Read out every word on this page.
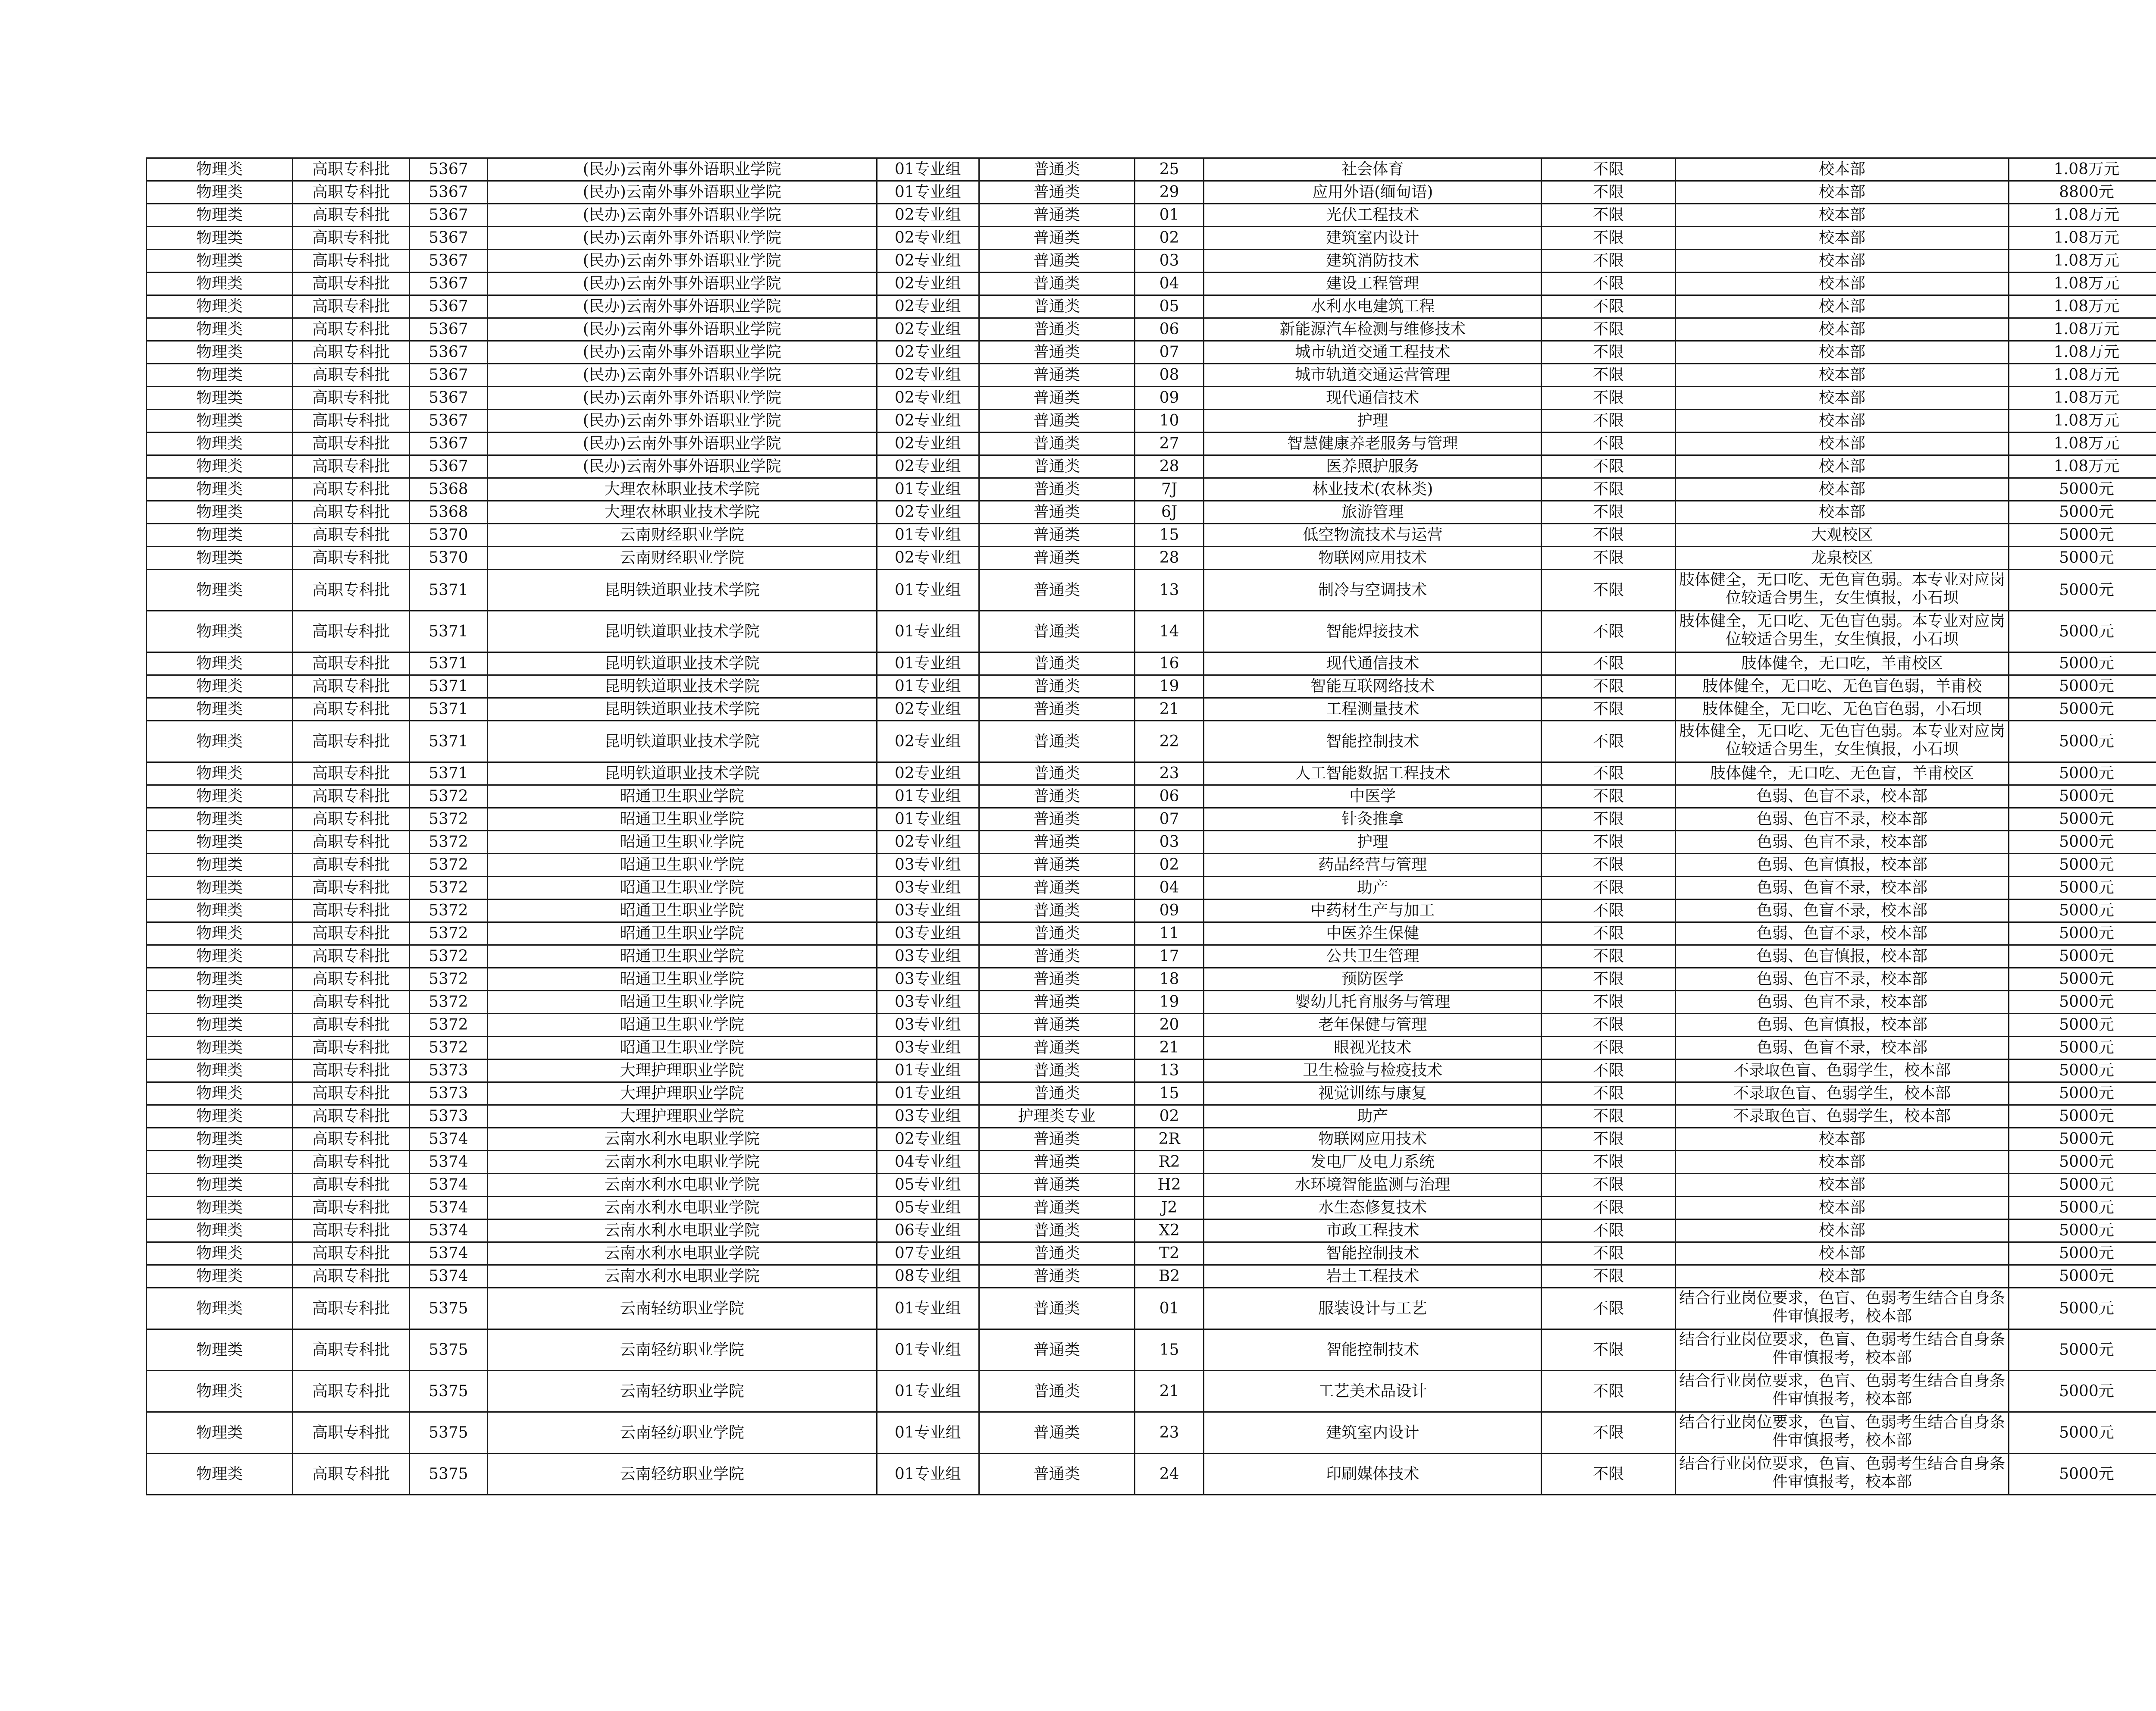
物理类	高职专科批	5367	(民办)云南外事外语职业学院	01专业组	普通类	25	社会体育	不限	校本部	1.08万元	
物理类	高职专科批	5367	(民办)云南外事外语职业学院	01专业组	普通类	29	应用外语(缅甸语)	不限	校本部	8800元	
物理类	高职专科批	5367	(民办)云南外事外语职业学院	02专业组	普通类	01	光伏工程技术	不限	校本部	1.08万元	
物理类	高职专科批	5367	(民办)云南外事外语职业学院	02专业组	普通类	02	建筑室内设计	不限	校本部	1.08万元	
物理类	高职专科批	5367	(民办)云南外事外语职业学院	02专业组	普通类	03	建筑消防技术	不限	校本部	1.08万元	
物理类	高职专科批	5367	(民办)云南外事外语职业学院	02专业组	普通类	04	建设工程管理	不限	校本部	1.08万元	
物理类	高职专科批	5367	(民办)云南外事外语职业学院	02专业组	普通类	05	水利水电建筑工程	不限	校本部	1.08万元	
物理类	高职专科批	5367	(民办)云南外事外语职业学院	02专业组	普通类	06	新能源汽车检测与维修技术	不限	校本部	1.08万元	
物理类	高职专科批	5367	(民办)云南外事外语职业学院	02专业组	普通类	07	城市轨道交通工程技术	不限	校本部	1.08万元	
物理类	高职专科批	5367	(民办)云南外事外语职业学院	02专业组	普通类	08	城市轨道交通运营管理	不限	校本部	1.08万元	
物理类	高职专科批	5367	(民办)云南外事外语职业学院	02专业组	普通类	09	现代通信技术	不限	校本部	1.08万元	
物理类	高职专科批	5367	(民办)云南外事外语职业学院	02专业组	普通类	10	护理	不限	校本部	1.08万元	
物理类	高职专科批	5367	(民办)云南外事外语职业学院	02专业组	普通类	27	智慧健康养老服务与管理	不限	校本部	1.08万元	
物理类	高职专科批	5367	(民办)云南外事外语职业学院	02专业组	普通类	28	医养照护服务	不限	校本部	1.08万元	
物理类	高职专科批	5368	大理农林职业技术学院	01专业组	普通类	7J	林业技术(农林类)	不限	校本部	5000元	
物理类	高职专科批	5368	大理农林职业技术学院	02专业组	普通类	6J	旅游管理	不限	校本部	5000元	
物理类	高职专科批	5370	云南财经职业学院	01专业组	普通类	15	低空物流技术与运营	不限	大观校区	5000元	
物理类	高职专科批	5370	云南财经职业学院	02专业组	普通类	28	物联网应用技术	不限	龙泉校区	5000元	
物理类	高职专科批	5371	昆明铁道职业技术学院	01专业组	普通类	13	制冷与空调技术	不限	肢体健全，无口吃、无色盲色弱。本专业对应岗位较适合男生，女生慎报，小石坝	5000元	
物理类	高职专科批	5371	昆明铁道职业技术学院	01专业组	普通类	14	智能焊接技术	不限	肢体健全，无口吃、无色盲色弱。本专业对应岗位较适合男生，女生慎报，小石坝	5000元	
物理类	高职专科批	5371	昆明铁道职业技术学院	01专业组	普通类	16	现代通信技术	不限	肢体健全，无口吃，羊甫校区	5000元	
物理类	高职专科批	5371	昆明铁道职业技术学院	01专业组	普通类	19	智能互联网络技术	不限	肢体健全，无口吃、无色盲色弱，羊甫校	5000元	
物理类	高职专科批	5371	昆明铁道职业技术学院	02专业组	普通类	21	工程测量技术	不限	肢体健全，无口吃、无色盲色弱，小石坝	5000元	
物理类	高职专科批	5371	昆明铁道职业技术学院	02专业组	普通类	22	智能控制技术	不限	肢体健全，无口吃、无色盲色弱。本专业对应岗位较适合男生，女生慎报，小石坝	5000元	
物理类	高职专科批	5371	昆明铁道职业技术学院	02专业组	普通类	23	人工智能数据工程技术	不限	肢体健全，无口吃、无色盲，羊甫校区	5000元	
物理类	高职专科批	5372	昭通卫生职业学院	01专业组	普通类	06	中医学	不限	色弱、色盲不录，校本部	5000元	
物理类	高职专科批	5372	昭通卫生职业学院	01专业组	普通类	07	针灸推拿	不限	色弱、色盲不录，校本部	5000元	
物理类	高职专科批	5372	昭通卫生职业学院	02专业组	普通类	03	护理	不限	色弱、色盲不录，校本部	5000元	
物理类	高职专科批	5372	昭通卫生职业学院	03专业组	普通类	02	药品经营与管理	不限	色弱、色盲慎报，校本部	5000元	
物理类	高职专科批	5372	昭通卫生职业学院	03专业组	普通类	04	助产	不限	色弱、色盲不录，校本部	5000元	
物理类	高职专科批	5372	昭通卫生职业学院	03专业组	普通类	09	中药材生产与加工	不限	色弱、色盲不录，校本部	5000元	
物理类	高职专科批	5372	昭通卫生职业学院	03专业组	普通类	11	中医养生保健	不限	色弱、色盲不录，校本部	5000元	
物理类	高职专科批	5372	昭通卫生职业学院	03专业组	普通类	17	公共卫生管理	不限	色弱、色盲慎报，校本部	5000元	
物理类	高职专科批	5372	昭通卫生职业学院	03专业组	普通类	18	预防医学	不限	色弱、色盲不录，校本部	5000元	
物理类	高职专科批	5372	昭通卫生职业学院	03专业组	普通类	19	婴幼儿托育服务与管理	不限	色弱、色盲不录，校本部	5000元	
物理类	高职专科批	5372	昭通卫生职业学院	03专业组	普通类	20	老年保健与管理	不限	色弱、色盲慎报，校本部	5000元	
物理类	高职专科批	5372	昭通卫生职业学院	03专业组	普通类	21	眼视光技术	不限	色弱、色盲不录，校本部	5000元	
物理类	高职专科批	5373	大理护理职业学院	01专业组	普通类	13	卫生检验与检疫技术	不限	不录取色盲、色弱学生，校本部	5000元	
物理类	高职专科批	5373	大理护理职业学院	01专业组	普通类	15	视觉训练与康复	不限	不录取色盲、色弱学生，校本部	5000元	
物理类	高职专科批	5373	大理护理职业学院	03专业组	护理类专业	02	助产	不限	不录取色盲、色弱学生，校本部	5000元	
物理类	高职专科批	5374	云南水利水电职业学院	02专业组	普通类	2R	物联网应用技术	不限	校本部	5000元	
物理类	高职专科批	5374	云南水利水电职业学院	04专业组	普通类	R2	发电厂及电力系统	不限	校本部	5000元	
物理类	高职专科批	5374	云南水利水电职业学院	05专业组	普通类	H2	水环境智能监测与治理	不限	校本部	5000元	
物理类	高职专科批	5374	云南水利水电职业学院	05专业组	普通类	J2	水生态修复技术	不限	校本部	5000元	
物理类	高职专科批	5374	云南水利水电职业学院	06专业组	普通类	X2	市政工程技术	不限	校本部	5000元	
物理类	高职专科批	5374	云南水利水电职业学院	07专业组	普通类	T2	智能控制技术	不限	校本部	5000元	
物理类	高职专科批	5374	云南水利水电职业学院	08专业组	普通类	B2	岩土工程技术	不限	校本部	5000元	
物理类	高职专科批	5375	云南轻纺职业学院	01专业组	普通类	01	服装设计与工艺	不限	结合行业岗位要求，色盲、色弱考生结合自身条件审慎报考，校本部	5000元	
物理类	高职专科批	5375	云南轻纺职业学院	01专业组	普通类	15	智能控制技术	不限	结合行业岗位要求，色盲、色弱考生结合自身条件审慎报考，校本部	5000元	
物理类	高职专科批	5375	云南轻纺职业学院	01专业组	普通类	21	工艺美术品设计	不限	结合行业岗位要求，色盲、色弱考生结合自身条件审慎报考，校本部	5000元	
物理类	高职专科批	5375	云南轻纺职业学院	01专业组	普通类	23	建筑室内设计	不限	结合行业岗位要求，色盲、色弱考生结合自身条件审慎报考，校本部	5000元	
物理类	高职专科批	5375	云南轻纺职业学院	01专业组	普通类	24	印刷媒体技术	不限	结合行业岗位要求，色盲、色弱考生结合自身条件审慎报考，校本部	5000元	
